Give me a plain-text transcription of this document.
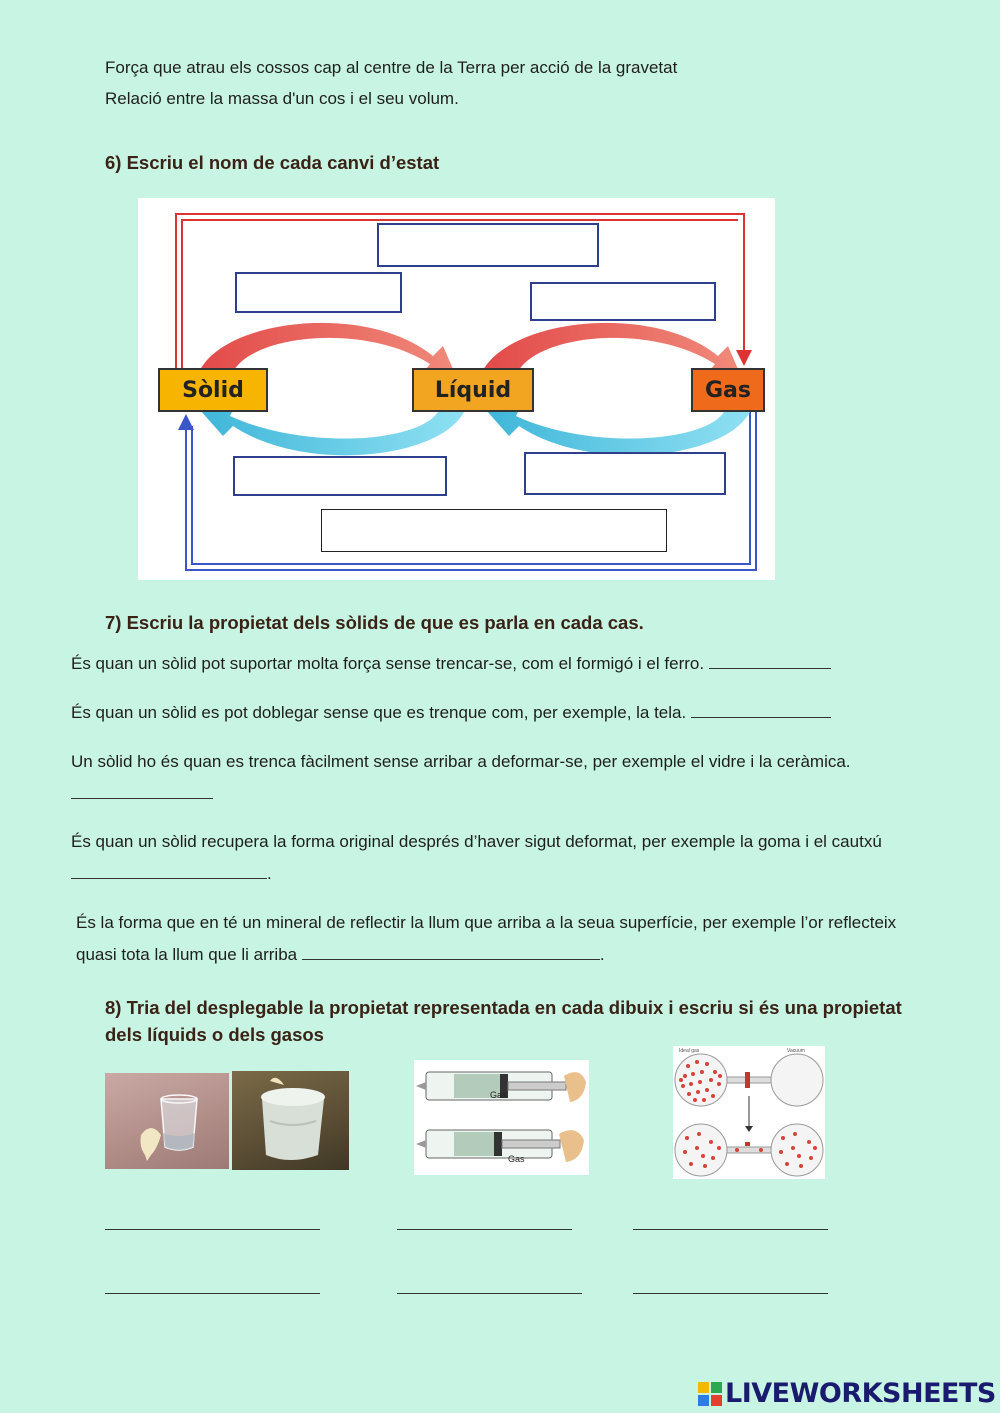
Força que atrau els cossos cap al centre de la Terra per acció de la gravetat
Relació entre la massa d'un cos i el seu volum.
6) Escriu el nom de cada canvi d’estat
Sòlid	Líquid	Gas
7) Escriu la propietat dels sòlids de que es parla en cada cas.
És quan un sòlid pot suportar molta força sense trencar-se, com el formigó i el ferro.
És quan un sòlid es pot doblegar sense que es trenque com, per exemple, la tela.
Un sòlid ho és quan es trenca fàcilment sense arribar a deformar-se, per exemple el vidre i la ceràmica.
És quan un sòlid recupera la forma original després d’haver sigut deformat, per exemple la goma i el cautxú .
És la forma que en té un mineral de reflectir la llum que arriba a la seua superfície, per exemple l’or reflecteix quasi tota la llum que li arriba	.
8) Tria del desplegable la propietat representada en cada dibuix i escriu si és una propietat dels líquids o dels gasos
Gas
Gas
Ideal gas	Vacuum
LIVEWORKSHEETS
